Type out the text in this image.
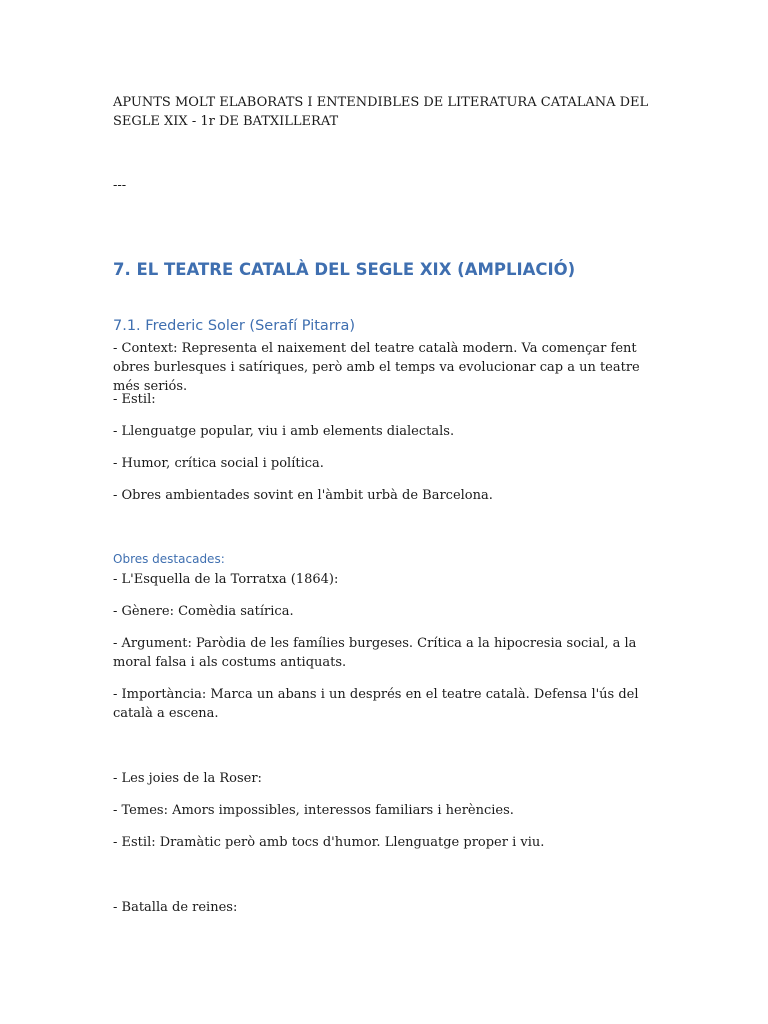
APUNTS MOLT ELABORATS I ENTENDIBLES DE LITERATURA CATALANA DEL SEGLE XIX - 1r DE BATXILLERAT

---

7. EL TEATRE CATALÀ DEL SEGLE XIX (AMPLIACIÓ)

7.1. Frederic Soler (Serafí Pitarra)

- Context: Representa el naixement del teatre català modern. Va començar fent obres burlesques i satíriques, però amb el temps va evolucionar cap a un teatre més seriós.

- Estil:

- Llenguatge popular, viu i amb elements dialectals.

- Humor, crítica social i política.

- Obres ambientades sovint en l'àmbit urbà de Barcelona.

Obres destacades:

- L'Esquella de la Torratxa (1864):

- Gènere: Comèdia satírica.

- Argument: Paròdia de les famílies burgeses. Crítica a la hipocresia social, a la moral falsa i als costums antiquats.

- Importància: Marca un abans i un després en el teatre català. Defensa l'ús del català a escena.

- Les joies de la Roser:

- Temes: Amors impossibles, interessos familiars i herències.

- Estil: Dramàtic però amb tocs d'humor. Llenguatge proper i viu.

- Batalla de reines:
